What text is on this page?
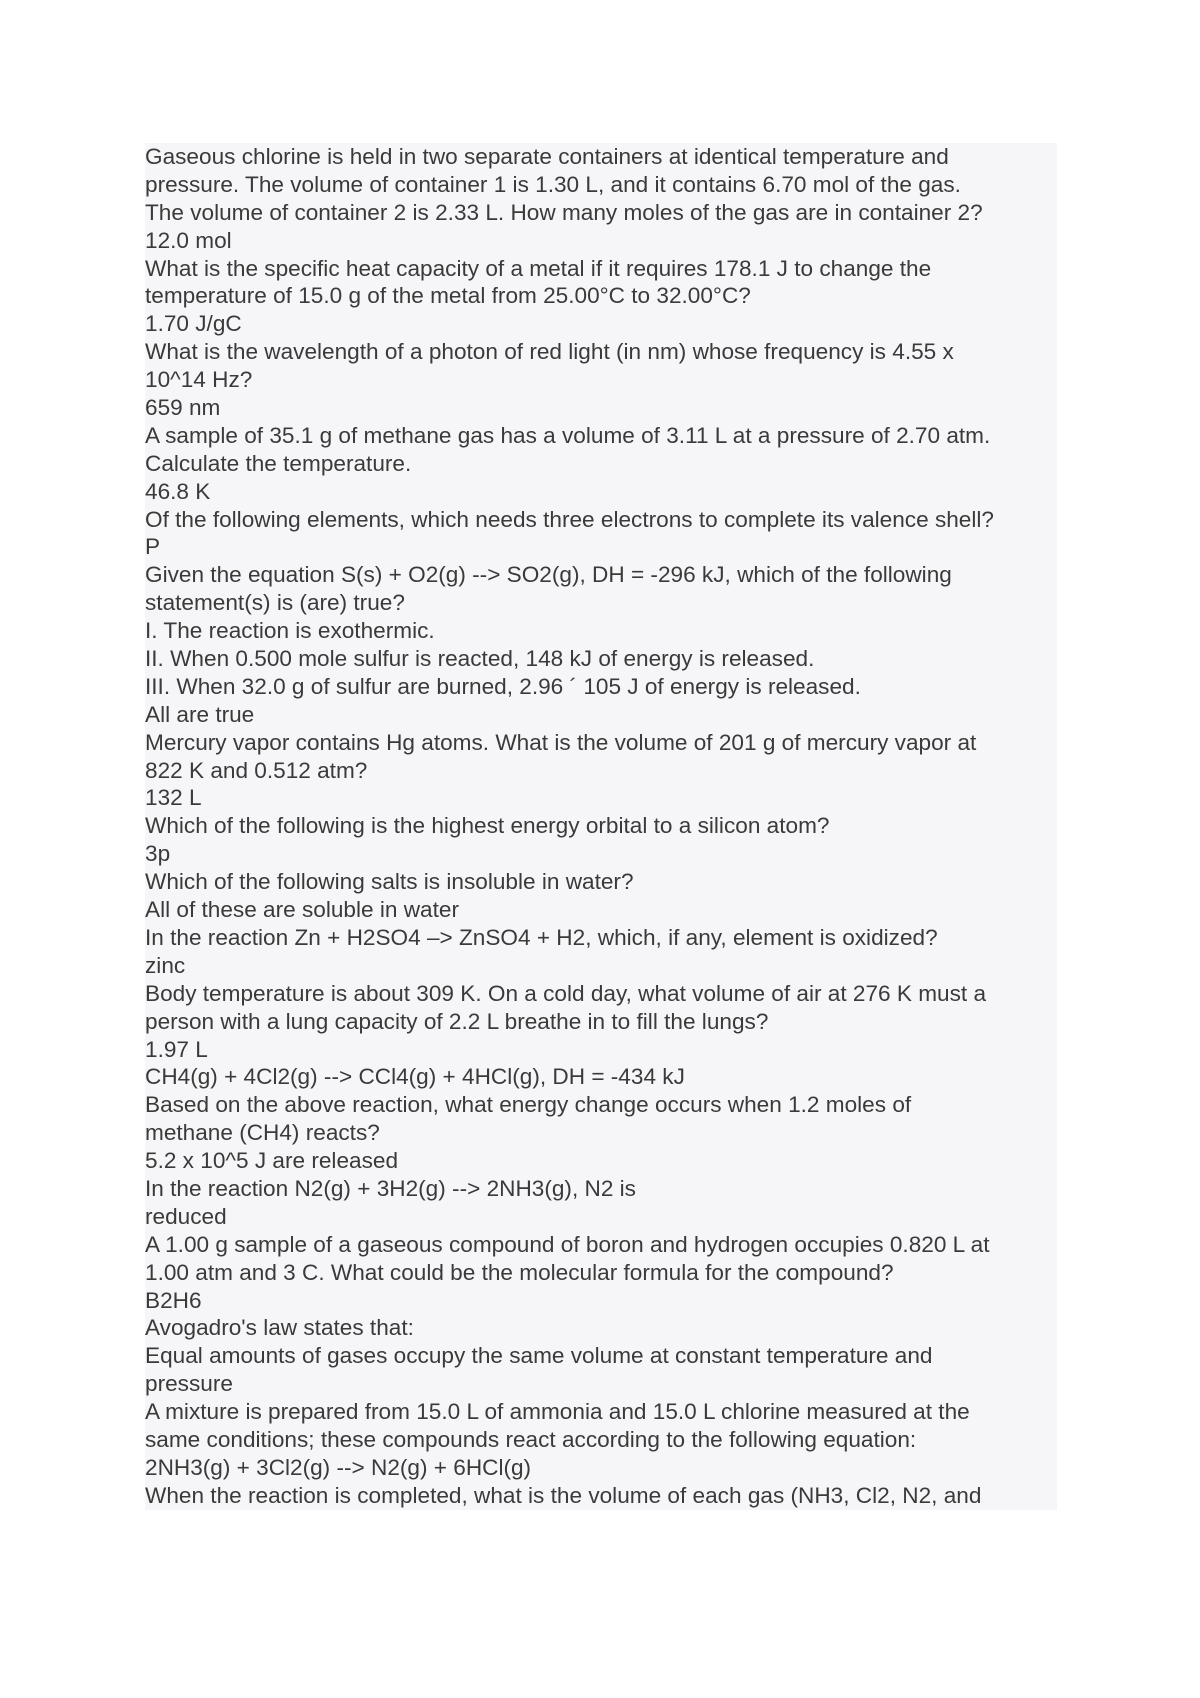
Gaseous chlorine is held in two separate containers at identical temperature and
pressure. The volume of container 1 is 1.30 L, and it contains 6.70 mol of the gas.
The volume of container 2 is 2.33 L. How many moles of the gas are in container 2?
12.0 mol
What is the specific heat capacity of a metal if it requires 178.1 J to change the
temperature of 15.0 g of the metal from 25.00°C to 32.00°C?
1.70 J/gC
What is the wavelength of a photon of red light (in nm) whose frequency is 4.55 x
10^14 Hz?
659 nm
A sample of 35.1 g of methane gas has a volume of 3.11 L at a pressure of 2.70 atm.
Calculate the temperature.
46.8 K
Of the following elements, which needs three electrons to complete its valence shell?
P
Given the equation S(s) + O2(g) --> SO2(g), DH = -296 kJ, which of the following
statement(s) is (are) true?
I. The reaction is exothermic.
II. When 0.500 mole sulfur is reacted, 148 kJ of energy is released.
III. When 32.0 g of sulfur are burned, 2.96 ´ 105 J of energy is released.
All are true
Mercury vapor contains Hg atoms. What is the volume of 201 g of mercury vapor at
822 K and 0.512 atm?
132 L
Which of the following is the highest energy orbital to a silicon atom?
3p
Which of the following salts is insoluble in water?
All of these are soluble in water
In the reaction Zn + H2SO4 –> ZnSO4 + H2, which, if any, element is oxidized?
zinc
Body temperature is about 309 K. On a cold day, what volume of air at 276 K must a
person with a lung capacity of 2.2 L breathe in to fill the lungs?
1.97 L
CH4(g) + 4Cl2(g) --> CCl4(g) + 4HCl(g), DH = -434 kJ
Based on the above reaction, what energy change occurs when 1.2 moles of
methane (CH4) reacts?
5.2 x 10^5 J are released
In the reaction N2(g) + 3H2(g) --> 2NH3(g), N2 is
reduced
A 1.00 g sample of a gaseous compound of boron and hydrogen occupies 0.820 L at
1.00 atm and 3 C. What could be the molecular formula for the compound?
B2H6
Avogadro's law states that:
Equal amounts of gases occupy the same volume at constant temperature and
pressure
A mixture is prepared from 15.0 L of ammonia and 15.0 L chlorine measured at the
same conditions; these compounds react according to the following equation:
2NH3(g) + 3Cl2(g) --> N2(g) + 6HCl(g)
When the reaction is completed, what is the volume of each gas (NH3, Cl2, N2, and
